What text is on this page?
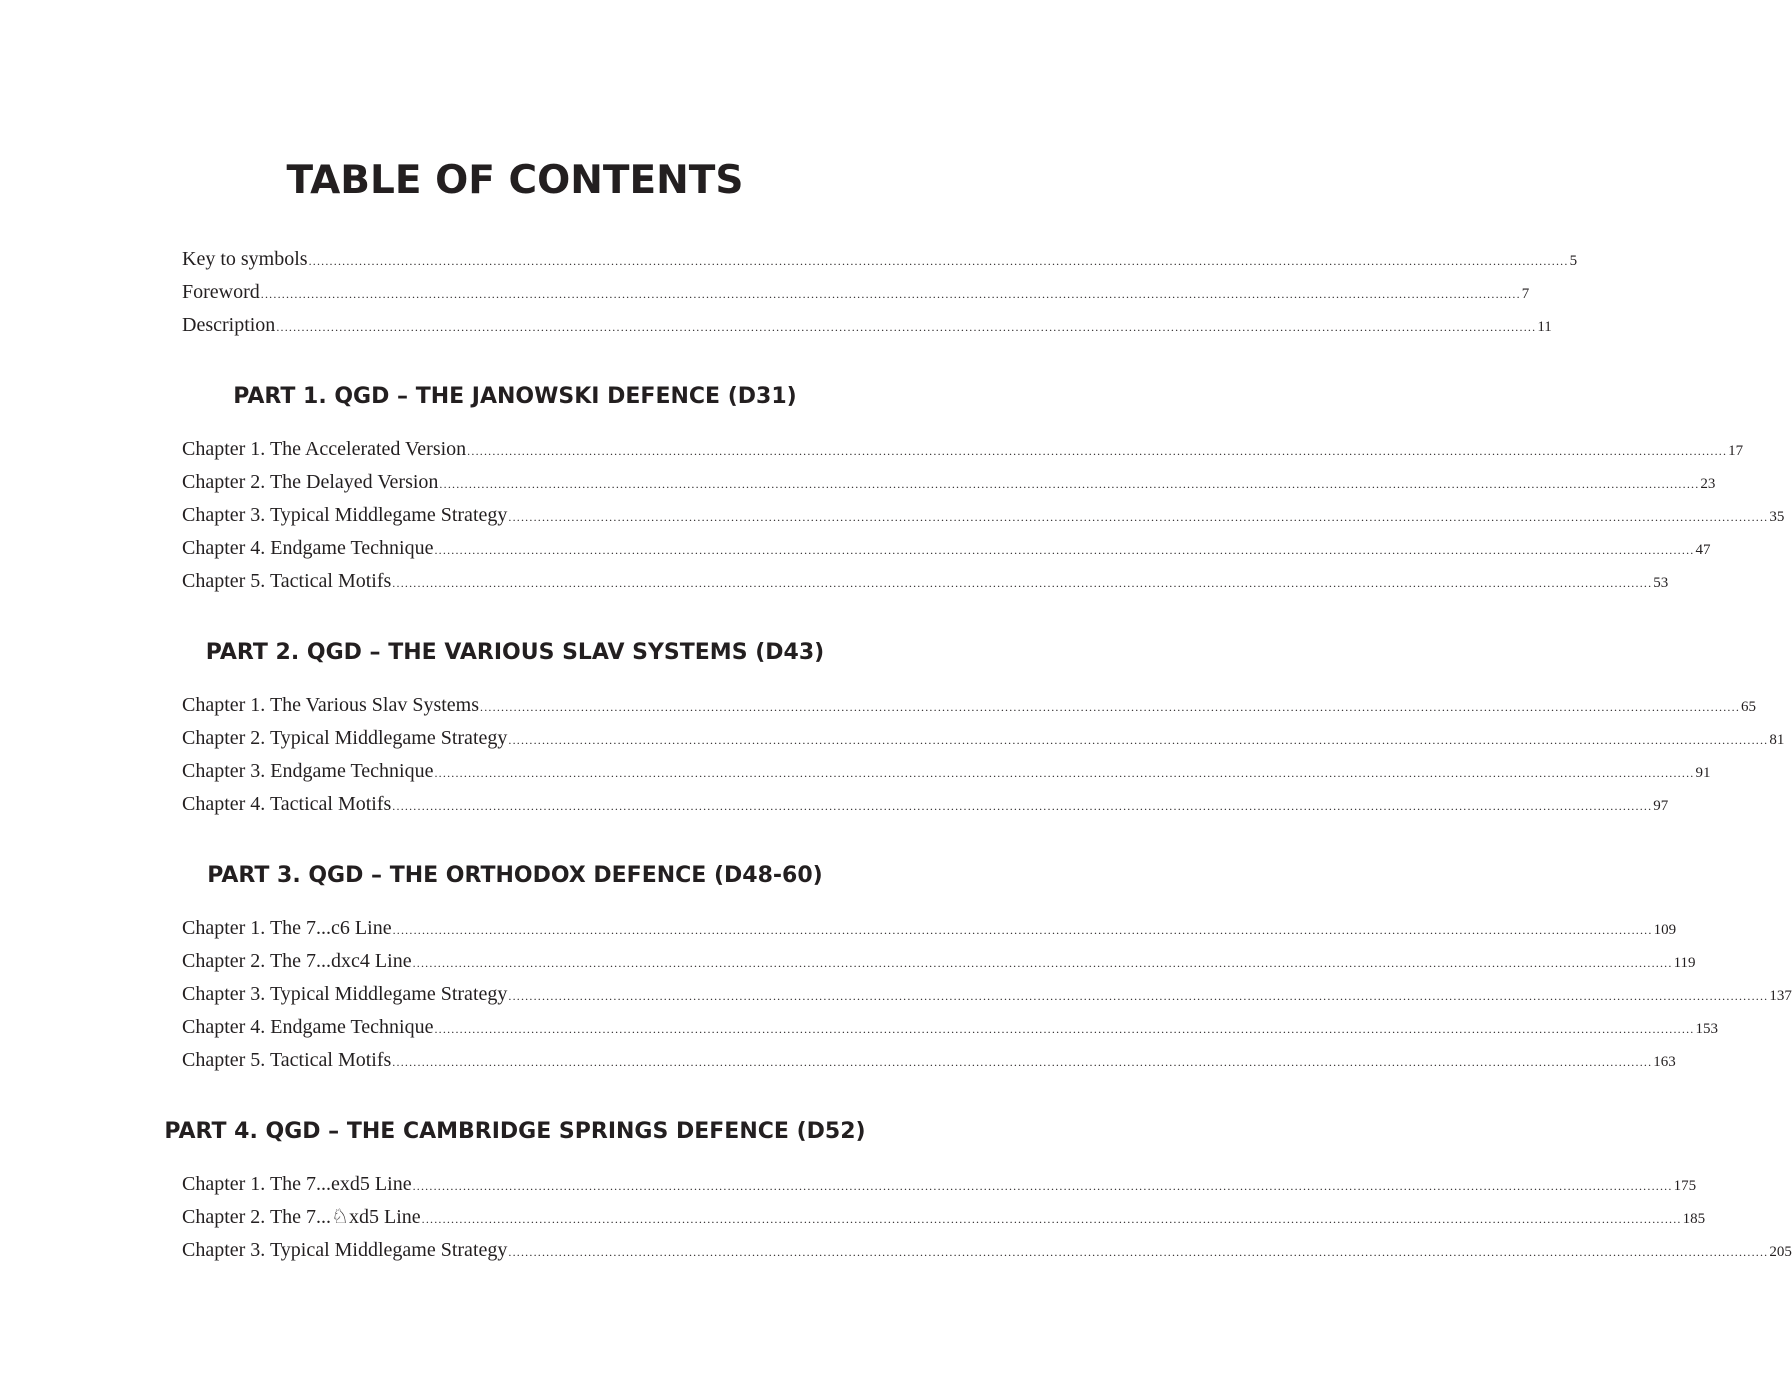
TABLE OF CONTENTS
Key to symbols ............................................................................................................................................................................................................................................................................................................ 5
Foreword ............................................................................................................................................................................................................................................................................................................ 7
Description ............................................................................................................................................................................................................................................................................................................ 11
PART 1. QGD – THE JANOWSKI DEFENCE (D31)
Chapter 1. The Accelerated Version ............................................................................................................................................................................................................................................................................................................ 17
Chapter 2. The Delayed Version ............................................................................................................................................................................................................................................................................................................ 23
Chapter 3. Typical Middlegame Strategy ............................................................................................................................................................................................................................................................................................................ 35
Chapter 4. Endgame Technique ............................................................................................................................................................................................................................................................................................................ 47
Chapter 5. Tactical Motifs ............................................................................................................................................................................................................................................................................................................ 53
PART 2. QGD – THE VARIOUS SLAV SYSTEMS (D43)
Chapter 1. The Various Slav Systems ............................................................................................................................................................................................................................................................................................................ 65
Chapter 2. Typical Middlegame Strategy ............................................................................................................................................................................................................................................................................................................ 81
Chapter 3. Endgame Technique ............................................................................................................................................................................................................................................................................................................ 91
Chapter 4. Tactical Motifs ............................................................................................................................................................................................................................................................................................................ 97
PART 3. QGD – THE ORTHODOX DEFENCE (D48-60)
Chapter 1. The 7...c6 Line ............................................................................................................................................................................................................................................................................................................ 109
Chapter 2. The 7...dxc4 Line ............................................................................................................................................................................................................................................................................................................ 119
Chapter 3. Typical Middlegame Strategy ............................................................................................................................................................................................................................................................................................................ 137
Chapter 4. Endgame Technique ............................................................................................................................................................................................................................................................................................................ 153
Chapter 5. Tactical Motifs ............................................................................................................................................................................................................................................................................................................ 163
PART 4. QGD – THE CAMBRIDGE SPRINGS DEFENCE (D52)
Chapter 1. The 7...exd5 Line ............................................................................................................................................................................................................................................................................................................ 175
Chapter 2. The 7...♘xd5 Line ............................................................................................................................................................................................................................................................................................................ 185
Chapter 3. Typical Middlegame Strategy ............................................................................................................................................................................................................................................................................................................ 205
